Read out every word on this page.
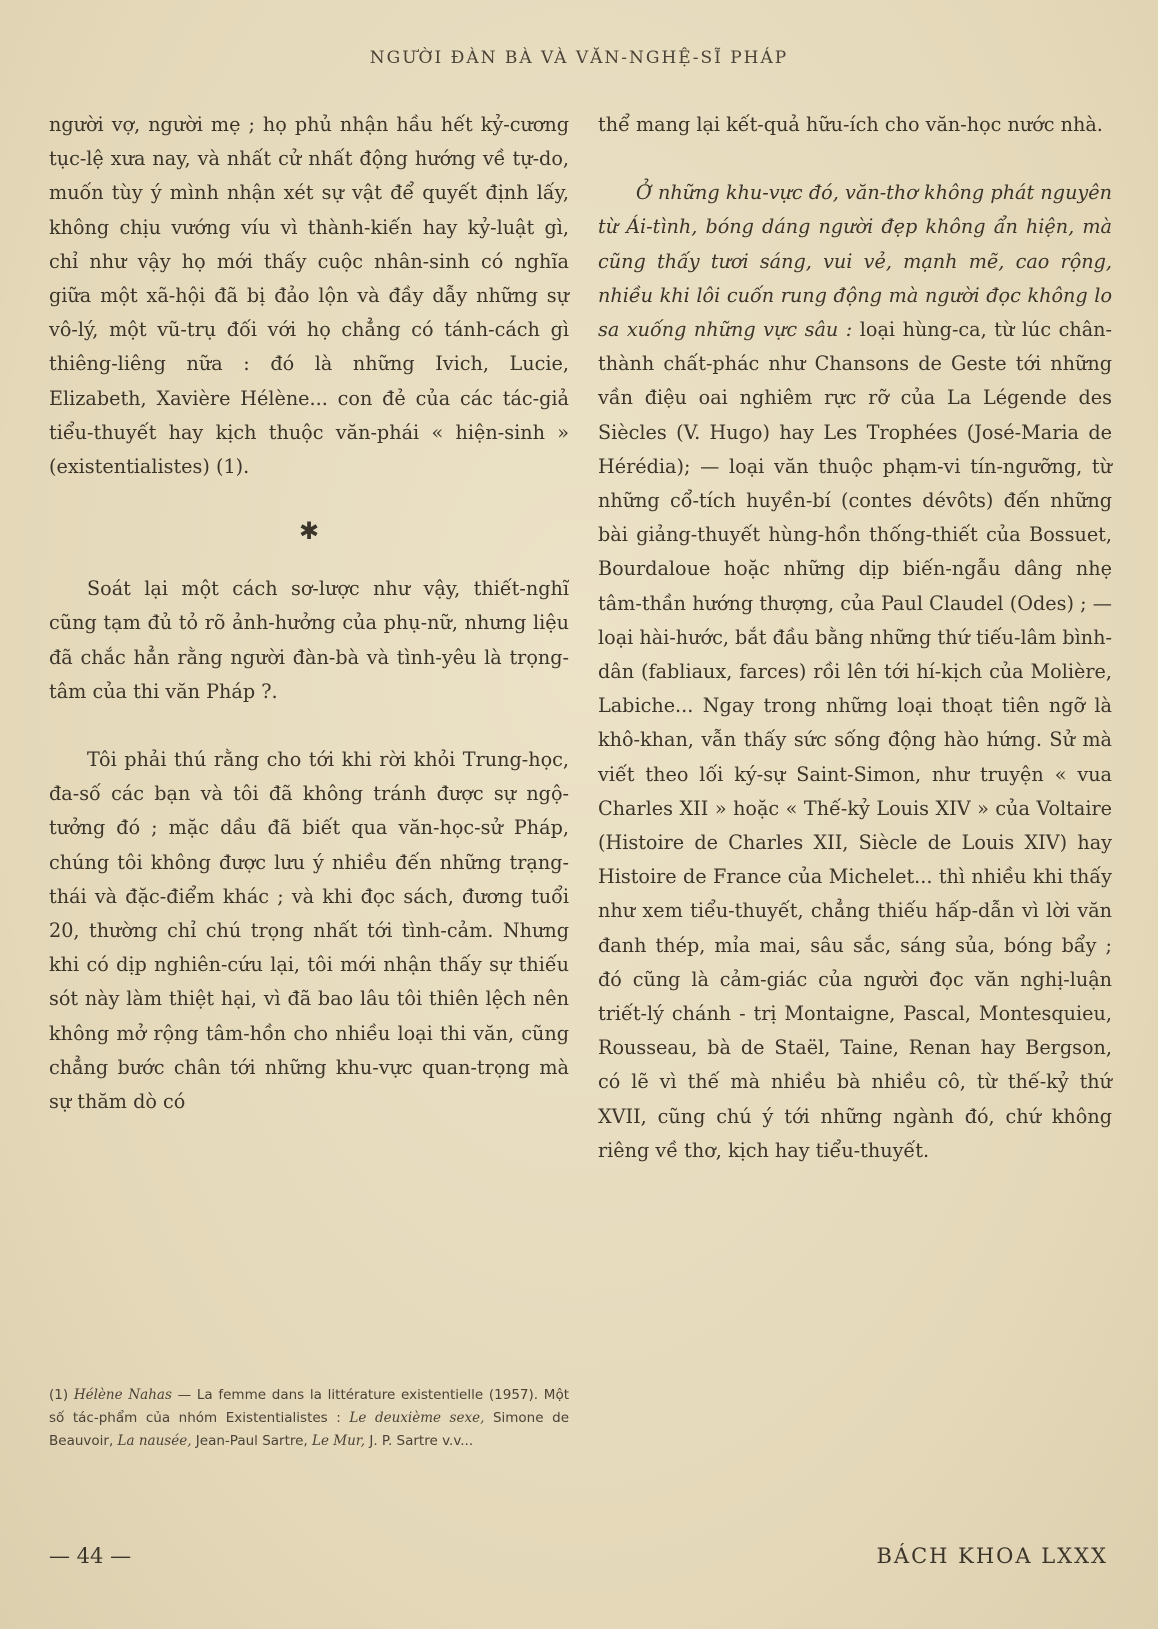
NGƯỜI ĐÀN BÀ VÀ VĂN-NGHỆ-SĨ PHÁP

người vợ, người mẹ ; họ phủ nhận hầu hết kỷ-cương tục-lệ xưa nay, và nhất cử nhất động hướng về tự-do, muốn tùy ý mình nhận xét sự vật để quyết định lấy, không chịu vướng víu vì thành-kiến hay kỷ-luật gì, chỉ như vậy họ mới thấy cuộc nhân-sinh có nghĩa giữa một xã-hội đã bị đảo lộn và đầy dẫy những sự vô-lý, một vũ-trụ đối với họ chẳng có tánh-cách gì thiêng-liêng nữa : đó là những Ivich, Lucie, Elizabeth, Xavière Hélène... con đẻ của các tác-giả tiểu-thuyết hay kịch thuộc văn-phái « hiện-sinh » (existentialistes) (1).

✱

Soát lại một cách sơ-lược như vậy, thiết-nghĩ cũng tạm đủ tỏ rõ ảnh-hưởng của phụ-nữ, nhưng liệu đã chắc hẳn rằng người đàn-bà và tình-yêu là trọng-tâm của thi văn Pháp ?.

Tôi phải thú rằng cho tới khi rời khỏi Trung-học, đa-số các bạn và tôi đã không tránh được sự ngộ-tưởng đó ; mặc dầu đã biết qua văn-học-sử Pháp, chúng tôi không được lưu ý nhiều đến những trạng-thái và đặc-điểm khác ; và khi đọc sách, đương tuổi 20, thường chỉ chú trọng nhất tới tình-cảm. Nhưng khi có dịp nghiên-cứu lại, tôi mới nhận thấy sự thiếu sót này làm thiệt hại, vì đã bao lâu tôi thiên lệch nên không mở rộng tâm-hồn cho nhiều loại thi văn, cũng chẳng bước chân tới những khu-vực quan-trọng mà sự thăm dò có

(1) Hélène Nahas — La femme dans la littérature existentielle (1957). Một số tác-phẩm của nhóm Existentialistes : Le deuxième sexe, Simone de Beauvoir, La nausée, Jean-Paul Sartre, Le Mur, J. P. Sartre v.v...

thể mang lại kết-quả hữu-ích cho văn-học nước nhà.

Ở những khu-vực đó, văn-thơ không phát nguyên từ Ái-tình, bóng dáng người đẹp không ẩn hiện, mà cũng thấy tươi sáng, vui vẻ, mạnh mẽ, cao rộng, nhiều khi lôi cuốn rung động mà người đọc không lo sa xuống những vực sâu : loại hùng-ca, từ lúc chân-thành chất-phác như Chansons de Geste tới những vần điệu oai nghiêm rực rỡ của La Légende des Siècles (V. Hugo) hay Les Trophées (José-Maria de Hérédia); — loại văn thuộc phạm-vi tín-ngưỡng, từ những cổ-tích huyền-bí (contes dévôts) đến những bài giảng-thuyết hùng-hồn thống-thiết của Bossuet, Bourdaloue hoặc những dịp biến-ngẫu dâng nhẹ tâm-thần hướng thượng, của Paul Claudel (Odes) ; — loại hài-hước, bắt đầu bằng những thứ tiếu-lâm bình-dân (fabliaux, farces) rồi lên tới hí-kịch của Molière, Labiche... Ngay trong những loại thoạt tiên ngỡ là khô-khan, vẫn thấy sức sống động hào hứng. Sử mà viết theo lối ký-sự Saint-Simon, như truyện « vua Charles XII » hoặc « Thế-kỷ Louis XIV » của Voltaire (Histoire de Charles XII, Siècle de Louis XIV) hay Histoire de France của Michelet... thì nhiều khi thấy như xem tiểu-thuyết, chẳng thiếu hấp-dẫn vì lời văn đanh thép, mỉa mai, sâu sắc, sáng sủa, bóng bẩy ; đó cũng là cảm-giác của người đọc văn nghị-luận triết-lý chánh - trị Montaigne, Pascal, Montesquieu, Rousseau, bà de Staël, Taine, Renan hay Bergson, có lẽ vì thế mà nhiều bà nhiều cô, từ thế-kỷ thứ XVII, cũng chú ý tới những ngành đó, chứ không riêng về thơ, kịch hay tiểu-thuyết.

— 44 —	BÁCH KHOA LXXX
